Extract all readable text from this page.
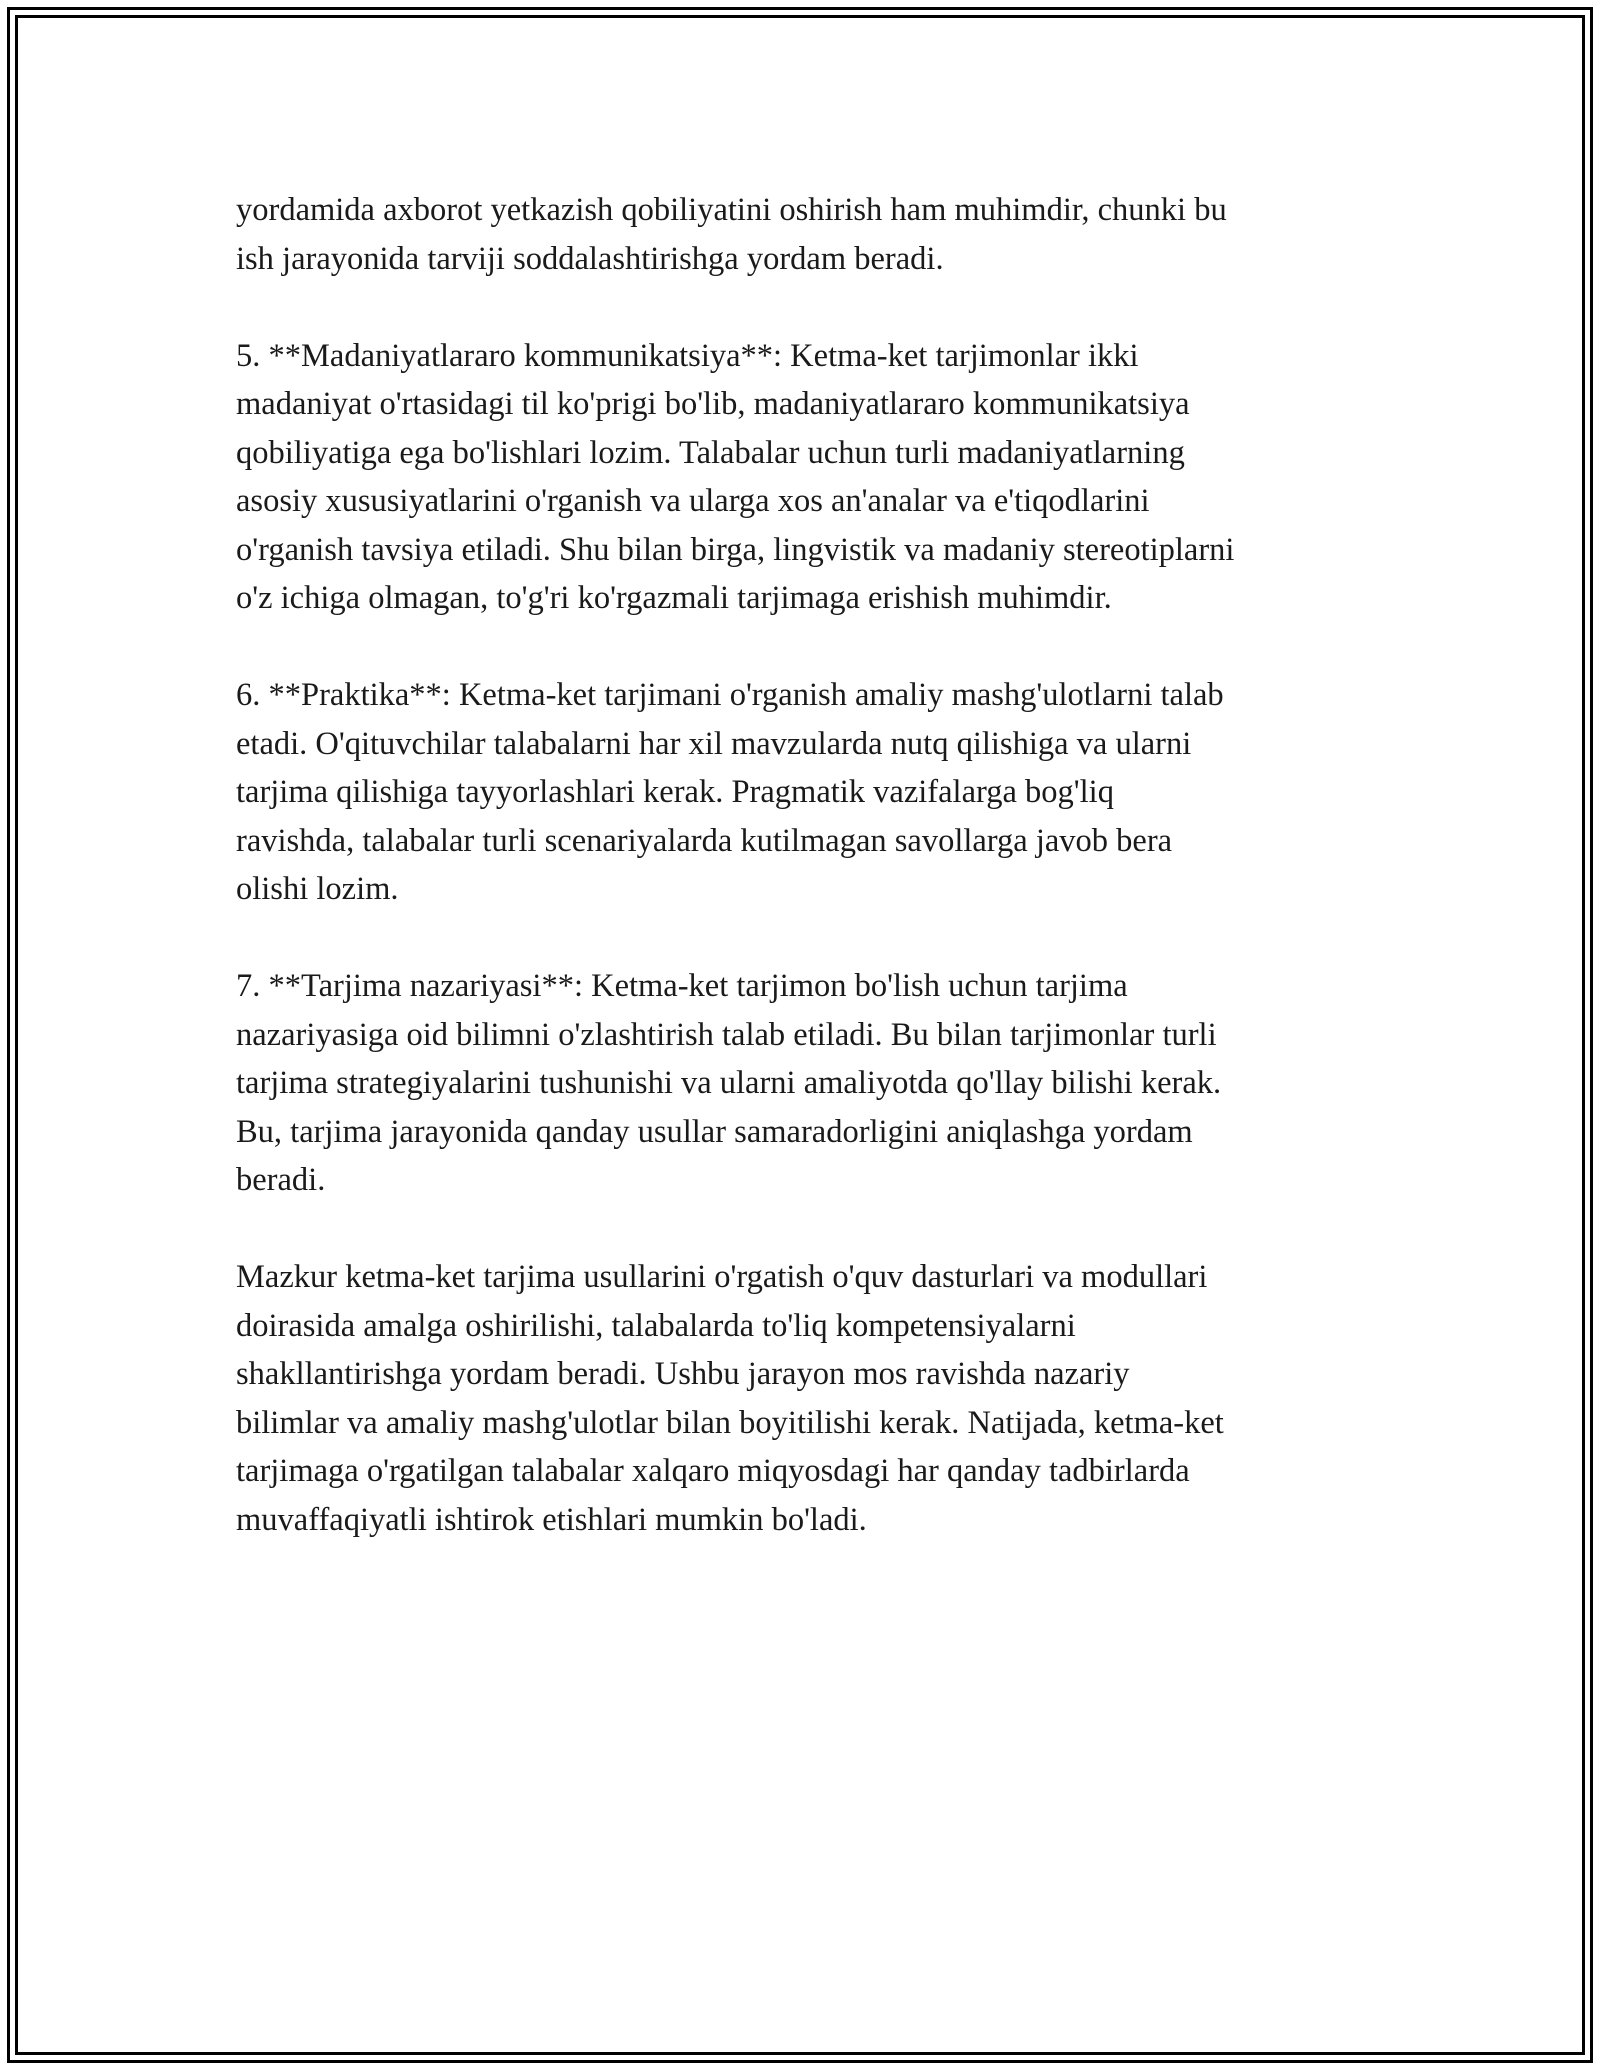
yordamida axborot yetkazish qobiliyatini oshirish ham muhimdir, chunki bu
ish jarayonida tarviji soddalashtirishga yordam beradi.

5. **Madaniyatlararo kommunikatsiya**: Ketma-ket tarjimonlar ikki
madaniyat o'rtasidagi til ko'prigi bo'lib, madaniyatlararo kommunikatsiya
qobiliyatiga ega bo'lishlari lozim. Talabalar uchun turli madaniyatlarning
asosiy xususiyatlarini o'rganish va ularga xos an'analar va e'tiqodlarini
o'rganish tavsiya etiladi. Shu bilan birga, lingvistik va madaniy stereotiplarni
o'z ichiga olmagan, to'g'ri ko'rgazmali tarjimaga erishish muhimdir.

6. **Praktika**: Ketma-ket tarjimani o'rganish amaliy mashg'ulotlarni talab
etadi. O'qituvchilar talabalarni har xil mavzularda nutq qilishiga va ularni
tarjima qilishiga tayyorlashlari kerak. Pragmatik vazifalarga bog'liq
ravishda, talabalar turli scenariyalarda kutilmagan savollarga javob bera
olishi lozim.

7. **Tarjima nazariyasi**: Ketma-ket tarjimon bo'lish uchun tarjima
nazariyasiga oid bilimni o'zlashtirish talab etiladi. Bu bilan tarjimonlar turli
tarjima strategiyalarini tushunishi va ularni amaliyotda qo'llay bilishi kerak.
Bu, tarjima jarayonida qanday usullar samaradorligini aniqlashga yordam
beradi.

Mazkur ketma-ket tarjima usullarini o'rgatish o'quv dasturlari va modullari
doirasida amalga oshirilishi, talabalarda to'liq kompetensiyalarni
shakllantirishga yordam beradi. Ushbu jarayon mos ravishda nazariy
bilimlar va amaliy mashg'ulotlar bilan boyitilishi kerak. Natijada, ketma-ket
tarjimaga o'rgatilgan talabalar xalqaro miqyosdagi har qanday tadbirlarda
muvaffaqiyatli ishtirok etishlari mumkin bo'ladi.
